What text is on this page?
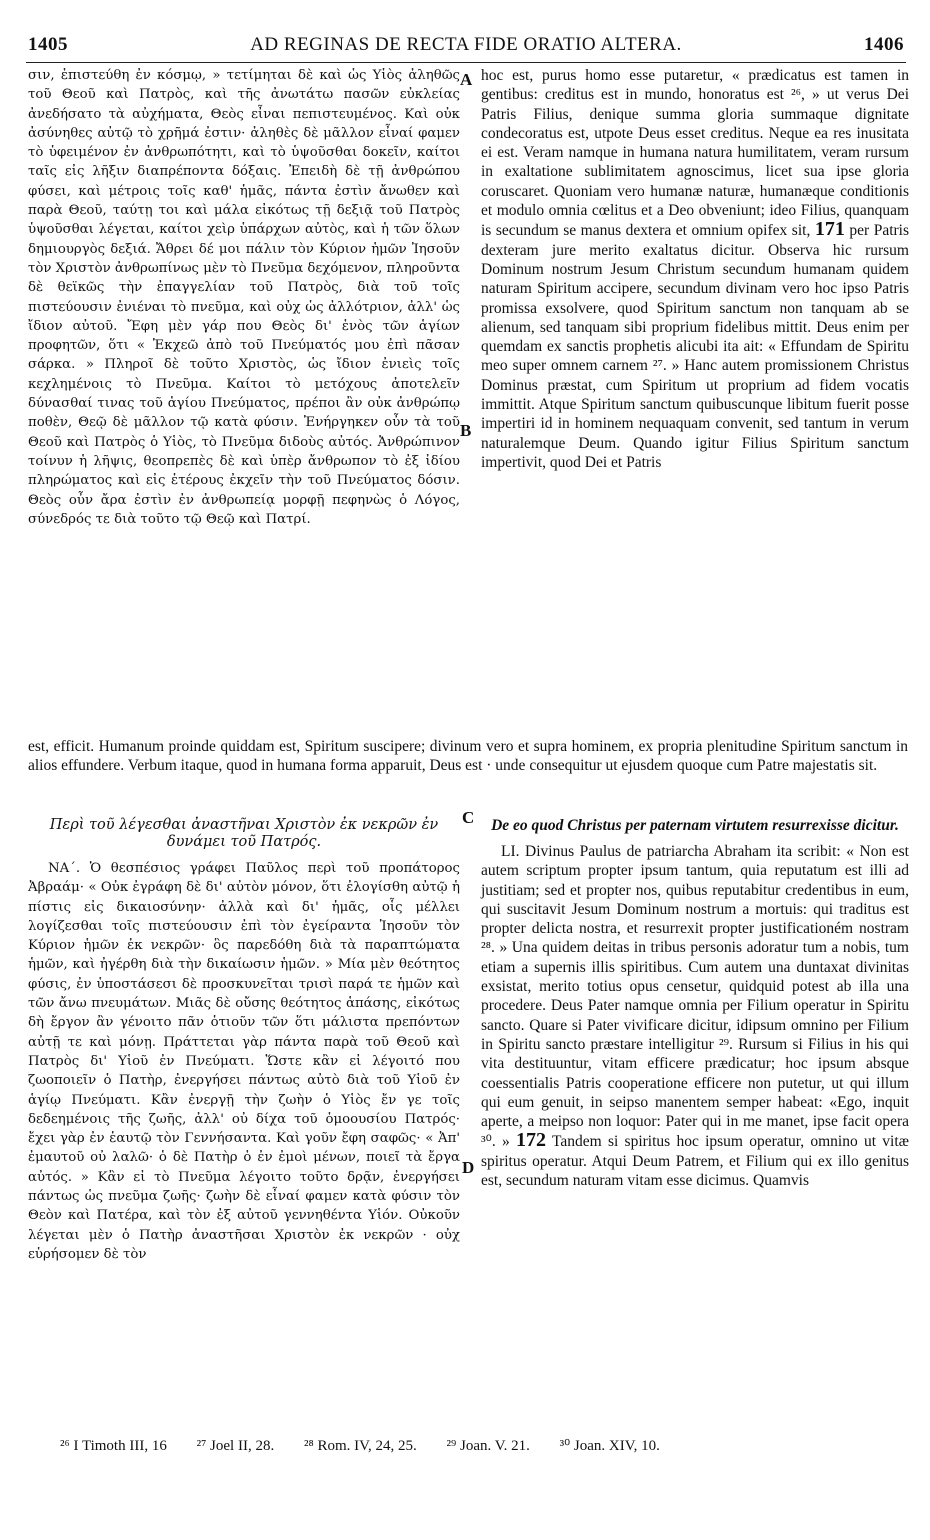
1405	AD REGINAS DE RECTA FIDE ORATIO ALTERA.	1406

σιν, ἐπιστεύθη ἐν κόσμῳ, » τετίμηται δὲ καὶ ὡς Υἱὸς ἀληθῶς τοῦ Θεοῦ καὶ Πατρὸς, καὶ τῆς ἀνωτάτω πασῶν εὐκλείας ἀνεδήσατο τὰ αὐχήματα, Θεὸς εἶναι πεπιστευμένος. Καὶ οὐκ ἀσύνηθες αὐτῷ τὸ χρῆμά ἐστιν· ἀληθὲς δὲ μᾶλλον εἶναί φαμεν τὸ ὑφειμένον ἐν ἀνθρωπότητι, καὶ τὸ ὑψοῦσθαι δοκεῖν, καίτοι ταῖς εἰς λῆξιν διαπρέποντα δόξαις. Ἐπειδὴ δὲ τῇ ἀνθρώπου φύσει, καὶ μέτροις τοῖς καθ' ἡμᾶς, πάντα ἐστὶν ἄνωθεν καὶ παρὰ Θεοῦ, ταύτῃ τοι καὶ μάλα εἰκότως τῇ δεξιᾷ τοῦ Πατρὸς ὑψοῦσθαι λέγεται, καίτοι χεὶρ ὑπάρχων αὐτὸς, καὶ ἡ τῶν ὅλων δημιουργὸς δεξιά. Ἄθρει δέ μοι πάλιν τὸν Κύριον ἡμῶν Ἰησοῦν τὸν Χριστὸν ἀνθρωπίνως μὲν τὸ Πνεῦμα δεχόμενον, πληροῦντα δὲ θεϊκῶς τὴν ἐπαγγελίαν τοῦ Πατρὸς, διὰ τοῦ τοῖς πιστεύουσιν ἐνιέναι τὸ πνεῦμα, καὶ οὐχ ὡς ἀλλότριον, ἀλλ' ὡς ἴδιον αὐτοῦ. Ἔφη μὲν γάρ που Θεὸς δι' ἑνὸς τῶν ἁγίων προφητῶν, ὅτι « Ἐκχεῶ ἀπὸ τοῦ Πνεύματός μου ἐπὶ πᾶσαν σάρκα. » Πληροῖ δὲ τοῦτο Χριστὸς, ὡς ἴδιον ἐνιεὶς τοῖς κεχλημένοις τὸ Πνεῦμα. Καίτοι τὸ μετόχους ἀποτελεῖν δύνασθαί τινας τοῦ ἁγίου Πνεύματος, πρέποι ἂν οὐκ ἀνθρώπῳ ποθὲν, Θεῷ δὲ μᾶλλον τῷ κατὰ φύσιν. Ἐνήργηκεν οὖν τὰ τοῦ Θεοῦ καὶ Πατρὸς ὁ Υἱὸς, τὸ Πνεῦμα διδοὺς αὐτός. Ἀνθρώπινον τοίνυν ἡ λῆψις, θεοπρεπὲς δὲ καὶ ὑπὲρ ἄνθρωπον τὸ ἐξ ἰδίου πληρώματος καὶ εἰς ἑτέρους ἐκχεῖν τὴν τοῦ Πνεύματος δόσιν. Θεὸς οὖν ἄρα ἐστὶν ἐν ἀνθρωπείᾳ μορφῇ πεφηνὼς ὁ Λόγος, σύνεδρός τε διὰ τοῦτο τῷ Θεῷ καὶ Πατρί.

hoc est, purus homo esse putaretur, « prædicatus est tamen in gentibus: creditus est in mundo, honoratus est ²⁶, » ut verus Dei Patris Filius, denique summa gloria summaque dignitate condecoratus est, utpote Deus esset creditus. Neque ea res inusitata ei est. Veram namque in humana natura humilitatem, veram rursum in exaltatione sublimitatem agnoscimus, licet sua ipse gloria coruscaret. Quoniam vero humanæ naturæ, humanæque conditionis et modulo omnia cœlitus et a Deo obveniunt; ideo Filius, quanquam is secundum se manus dextera et omnium opifex sit, 171 per Patris dexteram jure merito exaltatus dicitur. Observa hic rursum Dominum nostrum Jesum Christum secundum humanam quidem naturam Spiritum accipere, secundum divinam vero hoc ipso Patris promissa exsolvere, quod Spiritum sanctum non tanquam ab se alienum, sed tanquam sibi proprium fidelibus mittit. Deus enim per quemdam ex sanctis prophetis alicubi ita ait: « Effundam de Spiritu meo super omnem carnem ²⁷. » Hanc autem promissionem Christus Dominus præstat, cum Spiritum ut proprium ad fidem vocatis immittit. Atque Spiritum sanctum quibuscunque libitum fuerit posse impertiri id in hominem nequaquam convenit, sed tantum in verum naturalemque Deum. Quando igitur Filius Spiritum sanctum impertivit, quod Dei et Patris

est, efficit. Humanum proinde quiddam est, Spiritum suscipere; divinum vero et supra hominem, ex propria plenitudine Spiritum sanctum in alios effundere. Verbum itaque, quod in humana forma apparuit, Deus est · unde consequitur ut ejusdem quoque cum Patre majestatis sit.

Περὶ τοῦ λέγεσθαι ἀναστῆναι Χριστὸν ἐκ νεκρῶν ἐν δυνάμει τοῦ Πατρός.

ΝΑ΄. Ὁ θεσπέσιος γράφει Παῦλος περὶ τοῦ προπάτορος Ἀβραάμ· « Οὐκ ἐγράφη δὲ δι' αὐτὸν μόνον, ὅτι ἐλογίσθη αὐτῷ ἡ πίστις εἰς δικαιοσύνην· ἀλλὰ καὶ δι' ἡμᾶς, οἷς μέλλει λογίζεσθαι τοῖς πιστεύουσιν ἐπὶ τὸν ἐγείραντα Ἰησοῦν τὸν Κύριον ἡμῶν ἐκ νεκρῶν· ὃς παρεδόθη διὰ τὰ παραπτώματα ἡμῶν, καὶ ἠγέρθη διὰ τὴν δικαίωσιν ἡμῶν. » Μία μὲν θεότητος φύσις, ἐν ὑποστάσεσι δὲ προσκυνεῖται τρισὶ παρά τε ἡμῶν καὶ τῶν ἄνω πνευμάτων. Μιᾶς δὲ οὔσης θεότητος ἁπάσης, εἰκότως δὴ ἔργον ἂν γένοιτο πᾶν ὁτιοῦν τῶν ὅτι μάλιστα πρεπόντων αὐτῇ τε καὶ μόνῃ. Πράττεται γὰρ πάντα παρὰ τοῦ Θεοῦ καὶ Πατρὸς δι' Υἱοῦ ἐν Πνεύματι. Ὥστε κἂν εἰ λέγοιτό που ζωοποιεῖν ὁ Πατὴρ, ἐνεργήσει πάντως αὐτὸ διὰ τοῦ Υἱοῦ ἐν ἁγίῳ Πνεύματι. Κἂν ἐνεργῇ τὴν ζωὴν ὁ Υἱὸς ἔν γε τοῖς δεδεημένοις τῆς ζωῆς, ἀλλ' οὐ δίχα τοῦ ὁμοουσίου Πατρός· ἔχει γὰρ ἐν ἑαυτῷ τὸν Γεννήσαντα. Καὶ γοῦν ἔφη σαφῶς· « Ἀπ' ἐμαυτοῦ οὐ λαλῶ· ὁ δὲ Πατὴρ ὁ ἐν ἐμοὶ μένων, ποιεῖ τὰ ἔργα αὐτός. » Κἂν εἰ τὸ Πνεῦμα λέγοιτο τοῦτο δρᾷν, ἐνεργήσει πάντως ὡς πνεῦμα ζωῆς· ζωὴν δὲ εἶναί φαμεν κατὰ φύσιν τὸν Θεὸν καὶ Πατέρα, καὶ τὸν ἐξ αὐτοῦ γεννηθέντα Υἱόν. Οὐκοῦν λέγεται μὲν ὁ Πατὴρ ἀναστῆσαι Χριστὸν ἐκ νεκρῶν · οὐχ εὑρήσομεν δὲ τὸν

De eo quod Christus per paternam virtutem resurrexisse dicitur.

LI. Divinus Paulus de patriarcha Abraham ita scribit: « Non est autem scriptum propter ipsum tantum, quia reputatum est illi ad justitiam; sed et propter nos, quibus reputabitur credentibus in eum, qui suscitavit Jesum Dominum nostrum a mortuis: qui traditus est propter delicta nostra, et resurrexit propter justificationém nostram ²⁸. » Una quidem deitas in tribus personis adoratur tum a nobis, tum etiam a supernis illis spiritibus. Cum autem una duntaxat divinitas exsistat, merito totius opus censetur, quidquid potest ab illa una procedere. Deus Pater namque omnia per Filium operatur in Spiritu sancto. Quare si Pater vivificare dicitur, idipsum omnino per Filium in Spiritu sancto præstare intelligitur ²⁹. Rursum si Filius in his qui vita destituuntur, vitam efficere prædicatur; hoc ipsum absque coessentialis Patris cooperatione efficere non putetur, ut qui illum qui eum genuit, in seipso manentem semper habeat: «Ego, inquit aperte, a meipso non loquor: Pater qui in me manet, ipse facit opera ³⁰. » 172 Tandem si spiritus hoc ipsum operatur, omnino ut vitæ spiritus operatur. Atqui Deum Patrem, et Filium qui ex illo genitus est, secundum naturam vitam esse dicimus. Quamvis

A
B
C
D
²⁶ I Timoth III, 16 ²⁷ Joel II, 28. ²⁸ Rom. IV, 24, 25. ²⁹ Joan. V. 21. ³⁰ Joan. XIV, 10.
